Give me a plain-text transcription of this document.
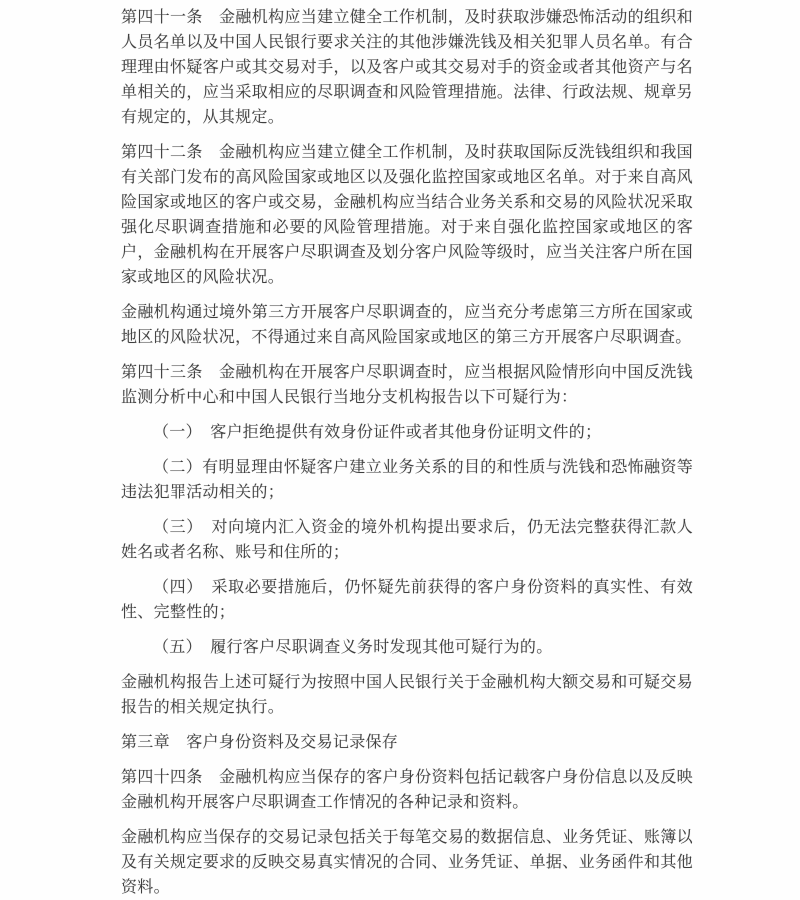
第四十一条　金融机构应当建立健全工作机制，及时获取涉嫌恐怖活动的组织和人员名单以及中国人民银行要求关注的其他涉嫌洗钱及相关犯罪人员名单。有合理理由怀疑客户或其交易对手，以及客户或其交易对手的资金或者其他资产与名单相关的，应当采取相应的尽职调查和风险管理措施。法律、行政法规、规章另有规定的，从其规定。

第四十二条　金融机构应当建立健全工作机制，及时获取国际反洗钱组织和我国有关部门发布的高风险国家或地区以及强化监控国家或地区名单。对于来自高风险国家或地区的客户或交易，金融机构应当结合业务关系和交易的风险状况采取强化尽职调查措施和必要的风险管理措施。对于来自强化监控国家或地区的客户，金融机构在开展客户尽职调查及划分客户风险等级时，应当关注客户所在国家或地区的风险状况。

金融机构通过境外第三方开展客户尽职调查的，应当充分考虑第三方所在国家或地区的风险状况，不得通过来自高风险国家或地区的第三方开展客户尽职调查。

第四十三条　金融机构在开展客户尽职调查时，应当根据风险情形向中国反洗钱监测分析中心和中国人民银行当地分支机构报告以下可疑行为：

（一）　客户拒绝提供有效身份证件或者其他身份证明文件的；

（二）有明显理由怀疑客户建立业务关系的目的和性质与洗钱和恐怖融资等违法犯罪活动相关的；

（三）　对向境内汇入资金的境外机构提出要求后，仍无法完整获得汇款人姓名或者名称、账号和住所的；

（四）　采取必要措施后，仍怀疑先前获得的客户身份资料的真实性、有效性、完整性的；

（五）　履行客户尽职调查义务时发现其他可疑行为的。

金融机构报告上述可疑行为按照中国人民银行关于金融机构大额交易和可疑交易报告的相关规定执行。

第三章　客户身份资料及交易记录保存

第四十四条　金融机构应当保存的客户身份资料包括记载客户身份信息以及反映金融机构开展客户尽职调查工作情况的各种记录和资料。

金融机构应当保存的交易记录包括关于每笔交易的数据信息、业务凭证、账簿以及有关规定要求的反映交易真实情况的合同、业务凭证、单据、业务函件和其他资料。
